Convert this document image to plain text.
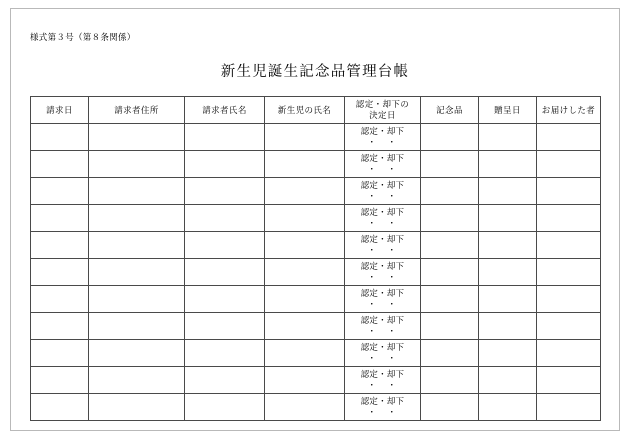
様式第３号（第８条関係）
新生児誕生記念品管理台帳
請求日	請求者住所	請求者氏名	新生児の氏名	認定・却下の
決定日	記念品	贈呈日	お届けした者

				認定・却下
・　・			

				認定・却下
・　・			

				認定・却下
・　・			

				認定・却下
・　・			

				認定・却下
・　・			

				認定・却下
・　・			

				認定・却下
・　・			

				認定・却下
・　・			

				認定・却下
・　・			

				認定・却下
・　・			

				認定・却下
・　・			
